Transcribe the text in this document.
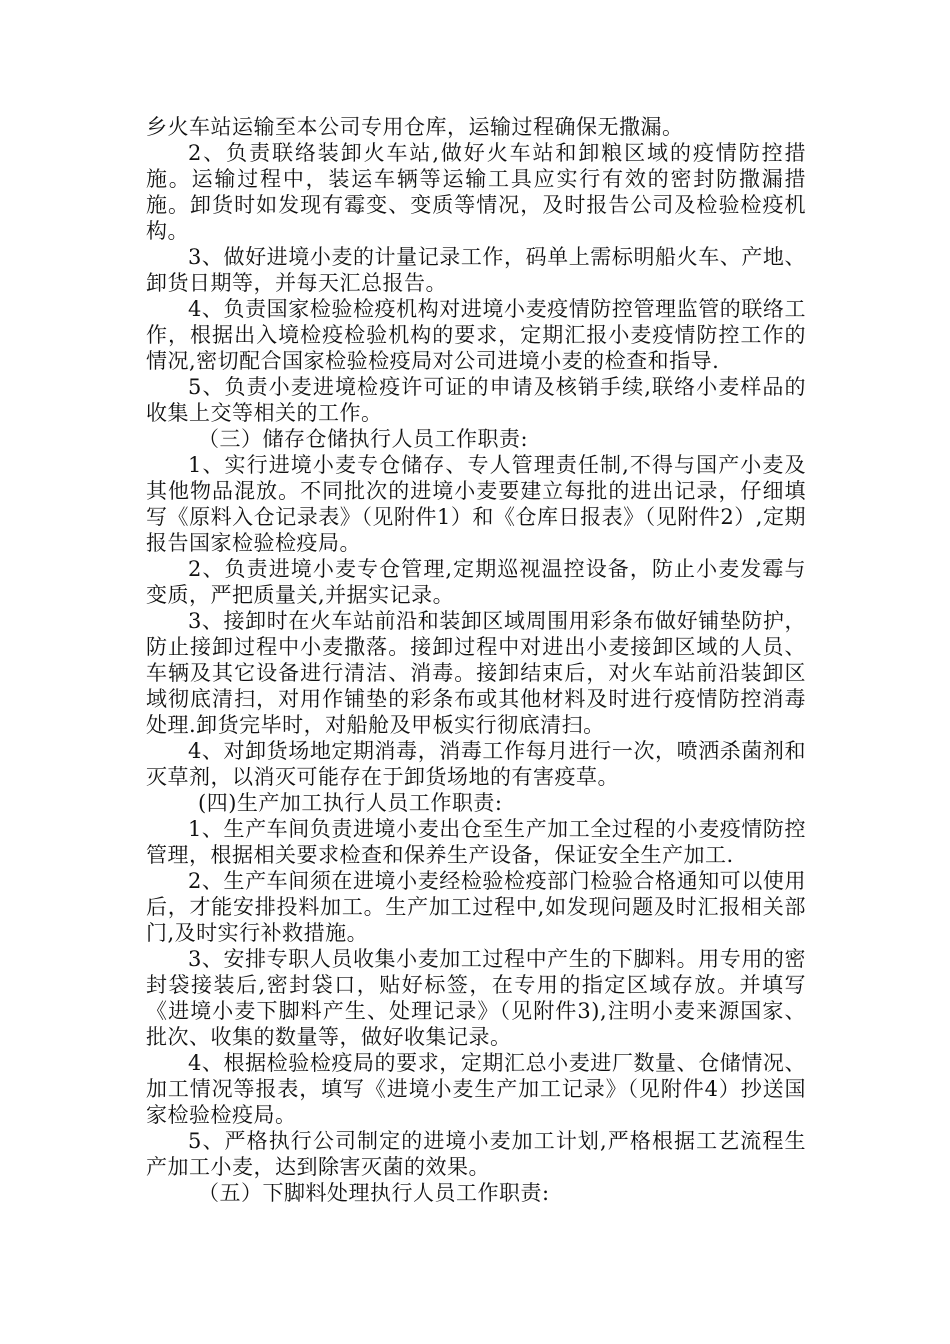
乡火车站运输至本公司专用仓库，运输过程确保无撒漏。

2、负责联络装卸火车站,做好火车站和卸粮区域的疫情防控措施。运输过程中，装运车辆等运输工具应实行有效的密封防撒漏措施。卸货时如发现有霉变、变质等情况，及时报告公司及检验检疫机构。

3、做好进境小麦的计量记录工作，码单上需标明船火车、产地、卸货日期等，并每天汇总报告。

4、负责国家检验检疫机构对进境小麦疫情防控管理监管的联络工作，根据出入境检疫检验机构的要求，定期汇报小麦疫情防控工作的情况,密切配合国家检验检疫局对公司进境小麦的检查和指导.

5、负责小麦进境检疫许可证的申请及核销手续,联络小麦样品的收集上交等相关的工作。

（三）储存仓储执行人员工作职责:

1、实行进境小麦专仓储存、专人管理责任制,不得与国产小麦及其他物品混放。不同批次的进境小麦要建立每批的进出记录，仔细填写《原料入仓记录表》（见附件1）和《仓库日报表》（见附件2）,定期报告国家检验检疫局。

2、负责进境小麦专仓管理,定期巡视温控设备，防止小麦发霉与变质，严把质量关,并据实记录。

3、接卸时在火车站前沿和装卸区域周围用彩条布做好铺垫防护，防止接卸过程中小麦撒落。接卸过程中对进出小麦接卸区域的人员、车辆及其它设备进行清洁、消毒。接卸结束后，对火车站前沿装卸区域彻底清扫，对用作铺垫的彩条布或其他材料及时进行疫情防控消毒处理.卸货完毕时，对船舱及甲板实行彻底清扫。

4、对卸货场地定期消毒，消毒工作每月进行一次，喷洒杀菌剂和灭草剂，以消灭可能存在于卸货场地的有害疫草。

(四)生产加工执行人员工作职责:

1、生产车间负责进境小麦出仓至生产加工全过程的小麦疫情防控管理，根据相关要求检查和保养生产设备，保证安全生产加工.

2、生产车间须在进境小麦经检验检疫部门检验合格通知可以使用后，才能安排投料加工。生产加工过程中,如发现问题及时汇报相关部门,及时实行补救措施。

3、安排专职人员收集小麦加工过程中产生的下脚料。用专用的密封袋接装后,密封袋口，贴好标签，在专用的指定区域存放。并填写《进境小麦下脚料产生、处理记录》（见附件3),注明小麦来源国家、批次、收集的数量等，做好收集记录。

4、根据检验检疫局的要求，定期汇总小麦进厂数量、仓储情况、加工情况等报表，填写《进境小麦生产加工记录》（见附件4）抄送国家检验检疫局。

5、严格执行公司制定的进境小麦加工计划,严格根据工艺流程生产加工小麦，达到除害灭菌的效果。

（五）下脚料处理执行人员工作职责:
